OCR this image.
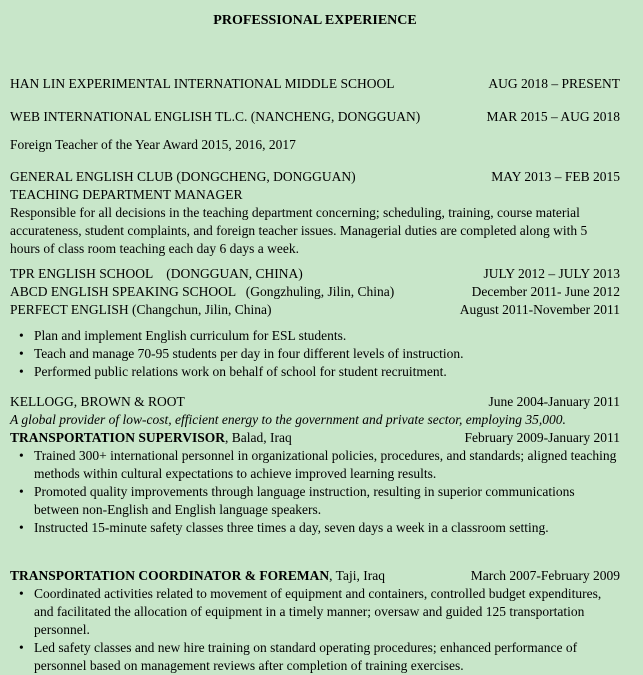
PROFESSIONAL EXPERIENCE
HAN LIN EXPERIMENTAL INTERNATIONAL MIDDLE SCHOOL	AUG 2018 – PRESENT
WEB INTERNATIONAL ENGLISH TL.C. (NANCHENG, DONGGUAN)	MAR 2015 – AUG 2018

Foreign Teacher of the Year Award 2015, 2016, 2017

GENERAL ENGLISH CLUB (DONGCHENG, DONGGUAN)	MAY 2013 – FEB 2015
TEACHING DEPARTMENT MANAGER

Responsible for all decisions in the teaching department concerning; scheduling, training, course material accurateness, student complaints, and foreign teacher issues. Managerial duties are completed along with 5 hours of class room teaching each day 6 days a week.

TPR ENGLISH SCHOOL    (DONGGUAN, CHINA)	JULY 2012 – JULY 2013
ABCD ENGLISH SPEAKING SCHOOL   (Gongzhuling, Jilin, China)	December 2011- June 2012
PERFECT ENGLISH (Changchun, Jilin, China)	August 2011-November 2011
• Plan and implement English curriculum for ESL students.
• Teach and manage 70-95 students per day in four different levels of instruction.
• Performed public relations work on behalf of school for student recruitment.
KELLOGG, BROWN & ROOT	June 2004-January 2011
A global provider of low-cost, efficient energy to the government and private sector, employing 35,000.
TRANSPORTATION SUPERVISOR, Balad, Iraq	February 2009-January 2011
• Trained 300+ international personnel in organizational policies, procedures, and standards; aligned teaching methods within cultural expectations to achieve improved learning results.
• Promoted quality improvements through language instruction, resulting in superior communications between non-English and English language speakers.
• Instructed 15-minute safety classes three times a day, seven days a week in a classroom setting.
TRANSPORTATION COORDINATOR & FOREMAN, Taji, Iraq	March 2007-February 2009
• Coordinated activities related to movement of equipment and containers, controlled budget expenditures, and facilitated the allocation of equipment in a timely manner; oversaw and guided 125 transportation personnel.
• Led safety classes and new hire training on standard operating procedures; enhanced performance of personnel based on management reviews after completion of training exercises.
